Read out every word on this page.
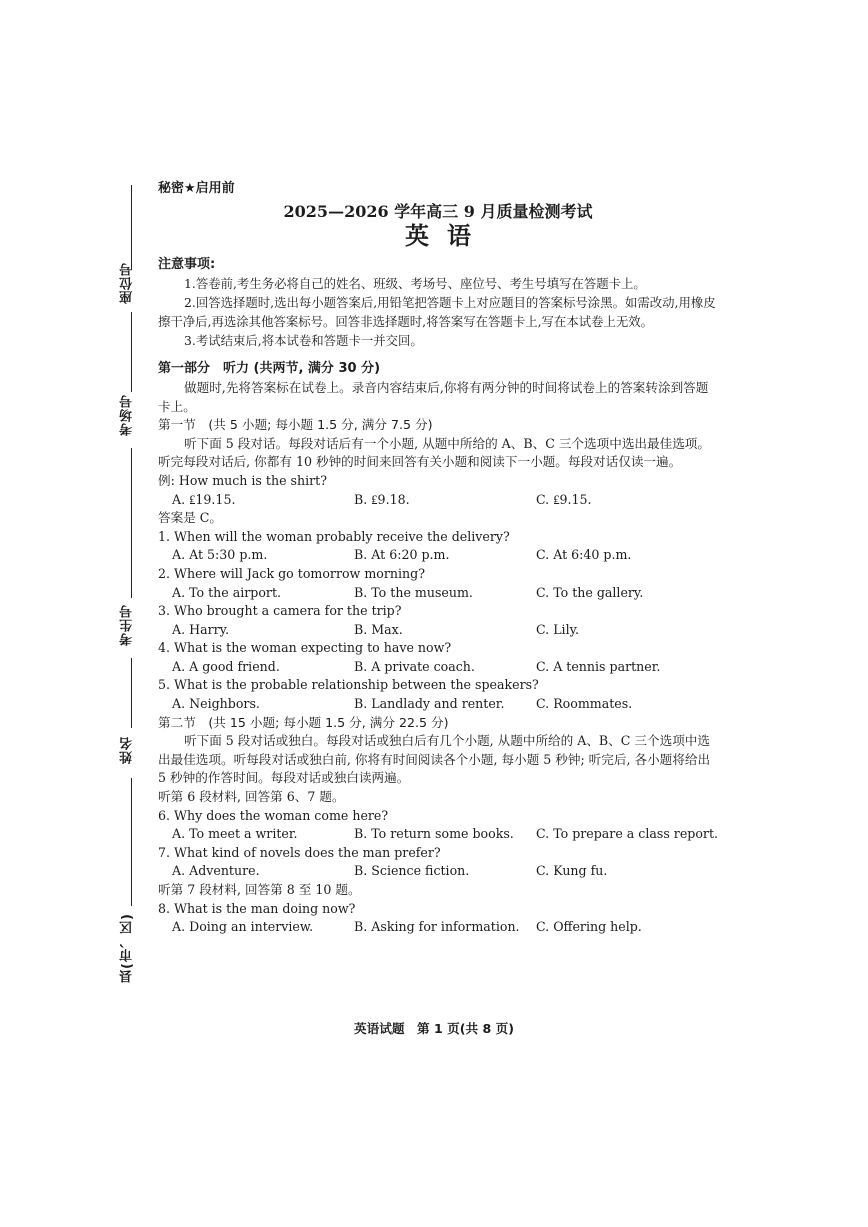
座位号
考场号
考生号
姓名
县(市、区)
秘密★启用前
2025—2026 学年高三 9 月质量检测考试
英语
注意事项:
1.答卷前,考生务必将自己的姓名、班级、考场号、座位号、考生号填写在答题卡上。
2.回答选择题时,选出每小题答案后,用铅笔把答题卡上对应题目的答案标号涂黑。如需改动,用橡皮擦干净后,再选涂其他答案标号。回答非选择题时,将答案写在答题卡上,写在本试卷上无效。
3.考试结束后,将本试卷和答题卡一并交回。
第一部分　听力 (共两节, 满分 30 分)
做题时,先将答案标在试卷上。录音内容结束后,你将有两分钟的时间将试卷上的答案转涂到答题卡上。
第一节　(共 5 小题; 每小题 1.5 分, 满分 7.5 分)
听下面 5 段对话。每段对话后有一个小题, 从题中所给的 A、B、C 三个选项中选出最佳选项。听完每段对话后, 你都有 10 秒钟的时间来回答有关小题和阅读下一小题。每段对话仅读一遍。
例: How much is the shirt?
A. ₤19.15.	B. ₤9.18.	C. ₤9.15.
答案是 C。
1. When will the woman probably receive the delivery?
A. At 5:30 p.m.	B. At 6:20 p.m.	C. At 6:40 p.m.
2. Where will Jack go tomorrow morning?
A. To the airport.	B. To the museum.	C. To the gallery.
3. Who brought a camera for the trip?
A. Harry.	B. Max.	C. Lily.
4. What is the woman expecting to have now?
A. A good friend.	B. A private coach.	C. A tennis partner.
5. What is the probable relationship between the speakers?
A. Neighbors.	B. Landlady and renter.	C. Roommates.
第二节　(共 15 小题; 每小题 1.5 分, 满分 22.5 分)
听下面 5 段对话或独白。每段对话或独白后有几个小题, 从题中所给的 A、B、C 三个选项中选出最佳选项。听每段对话或独白前, 你将有时间阅读各个小题, 每小题 5 秒钟; 听完后, 各小题将给出 5 秒钟的作答时间。每段对话或独白读两遍。
听第 6 段材料, 回答第 6、7 题。
6. Why does the woman come here?
A. To meet a writer.	B. To return some books.	C. To prepare a class report.
7. What kind of novels does the man prefer?
A. Adventure.	B. Science fiction.	C. Kung fu.
听第 7 段材料, 回答第 8 至 10 题。
8. What is the man doing now?
A. Doing an interview.	B. Asking for information.	C. Offering help.
英语试题　第 1 页(共 8 页)
